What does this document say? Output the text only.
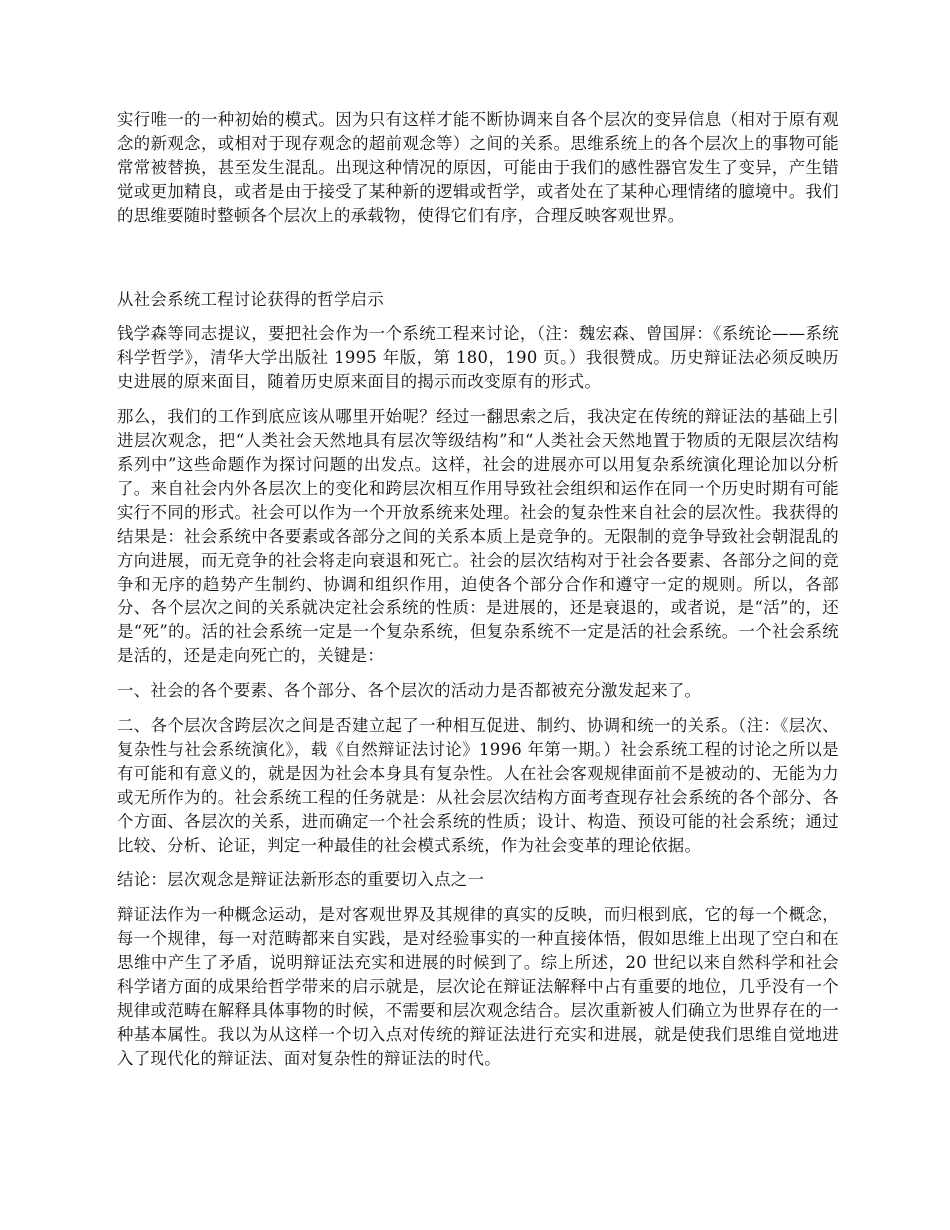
实行唯一的一种初始的模式。因为只有这样才能不断协调来自各个层次的变异信息（相对于原有观念的新观念，或相对于现存观念的超前观念等）之间的关系。思维系统上的各个层次上的事物可能常常被替换，甚至发生混乱。出现这种情况的原因，可能由于我们的感性器官发生了变异，产生错觉或更加精良，或者是由于接受了某种新的逻辑或哲学，或者处在了某种心理情绪的臆境中。我们的思维要随时整顿各个层次上的承载物，使得它们有序，合理反映客观世界。

从社会系统工程讨论获得的哲学启示

钱学森等同志提议，要把社会作为一个系统工程来讨论，（注：魏宏森、曾国屏：《系统论——系统科学哲学》，清华大学出版社 1995 年版，第 180，190 页。）我很赞成。历史辩证法必须反映历史进展的原来面目，随着历史原来面目的揭示而改变原有的形式。

那么，我们的工作到底应该从哪里开始呢？经过一翻思索之后，我决定在传统的辩证法的基础上引进层次观念，把“人类社会天然地具有层次等级结构”和“人类社会天然地置于物质的无限层次结构系列中”这些命题作为探讨问题的出发点。这样，社会的进展亦可以用复杂系统演化理论加以分析了。来自社会内外各层次上的变化和跨层次相互作用导致社会组织和运作在同一个历史时期有可能实行不同的形式。社会可以作为一个开放系统来处理。社会的复杂性来自社会的层次性。我获得的结果是：社会系统中各要素或各部分之间的关系本质上是竞争的。无限制的竞争导致社会朝混乱的方向进展，而无竞争的社会将走向衰退和死亡。社会的层次结构对于社会各要素、各部分之间的竞争和无序的趋势产生制约、协调和组织作用，迫使各个部分合作和遵守一定的规则。所以，各部分、各个层次之间的关系就决定社会系统的性质：是进展的，还是衰退的，或者说，是“活”的，还是“死”的。活的社会系统一定是一个复杂系统，但复杂系统不一定是活的社会系统。一个社会系统是活的，还是走向死亡的，关键是：

一、社会的各个要素、各个部分、各个层次的活动力是否都被充分激发起来了。

二、各个层次含跨层次之间是否建立起了一种相互促进、制约、协调和统一的关系。（注：《层次、复杂性与社会系统演化》，载《自然辩证法讨论》1996 年第一期。）社会系统工程的讨论之所以是有可能和有意义的，就是因为社会本身具有复杂性。人在社会客观规律面前不是被动的、无能为力或无所作为的。社会系统工程的任务就是：从社会层次结构方面考查现存社会系统的各个部分、各个方面、各层次的关系，进而确定一个社会系统的性质；设计、构造、预设可能的社会系统；通过比较、分析、论证，判定一种最佳的社会模式系统，作为社会变革的理论依据。

结论：层次观念是辩证法新形态的重要切入点之一

辩证法作为一种概念运动，是对客观世界及其规律的真实的反映，而归根到底，它的每一个概念，每一个规律，每一对范畴都来自实践，是对经验事实的一种直接体悟，假如思维上出现了空白和在思维中产生了矛盾，说明辩证法充实和进展的时候到了。综上所述，20 世纪以来自然科学和社会科学诸方面的成果给哲学带来的启示就是，层次论在辩证法解释中占有重要的地位，几乎没有一个规律或范畴在解释具体事物的时候，不需要和层次观念结合。层次重新被人们确立为世界存在的一种基本属性。我以为从这样一个切入点对传统的辩证法进行充实和进展，就是使我们思维自觉地进入了现代化的辩证法、面对复杂性的辩证法的时代。
